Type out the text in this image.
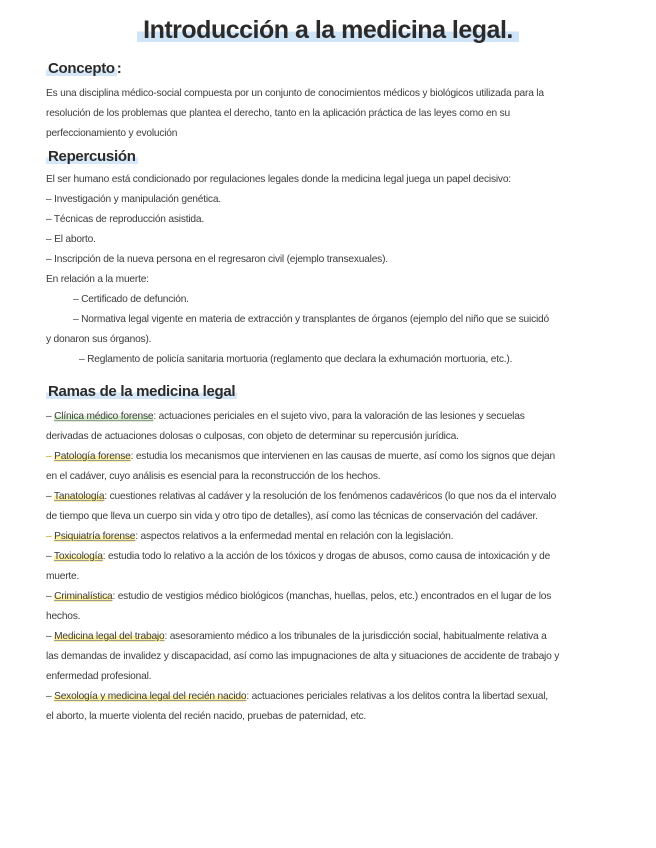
Introducción a la medicina legal.
Concepto :
Es una disciplina médico-social compuesta por un conjunto de conocimientos médicos y biológicos utilizada para la
resolución de los problemas que plantea el derecho, tanto en la aplicación práctica de las leyes como en su
perfeccionamiento y evolución
Repercusión
El ser humano está condicionado por regulaciones legales donde la medicina legal juega un papel decisivo:
– Investigación y manipulación genética.
– Técnicas de reproducción asistida.
– El aborto.
– Inscripción de la nueva persona en el regresaron civil (ejemplo transexuales).
En relación a la muerte:
– Certificado de defunción.
– Normativa legal vigente en materia de extracción y transplantes de órganos (ejemplo del niño que se suicidó
y donaron sus órganos).
– Reglamento de policía sanitaria mortuoria (reglamento que declara la exhumación mortuoria, etc.).
Ramas de la medicina legal
– Clínica médico forense: actuaciones periciales en el sujeto vivo, para la valoración de las lesiones y secuelas
derivadas de actuaciones dolosas o culposas, con objeto de determinar su repercusión jurídica.
– Patología forense: estudia los mecanismos que intervienen en las causas de muerte, así como los signos que dejan
en el cadáver, cuyo análisis es esencial para la reconstrucción de los hechos.
– Tanatología: cuestiones relativas al cadáver y la resolución de los fenómenos cadavéricos (lo que nos da el intervalo
de tiempo que lleva un cuerpo sin vida y otro tipo de detalles), así como las técnicas de conservación del cadáver.
– Psiquiatría forense: aspectos relativos a la enfermedad mental en relación con la legislación.
– Toxicología: estudia todo lo relativo a la acción de los tóxicos y drogas de abusos, como causa de intoxicación y de
muerte.
– Criminalística: estudio de vestigios médico biológicos (manchas, huellas, pelos, etc.) encontrados en el lugar de los
hechos.
– Medicina legal del trabajo: asesoramiento médico a los tribunales de la jurisdicción social, habitualmente relativa a
las demandas de invalidez y discapacidad, así como las impugnaciones de alta y situaciones de accidente de trabajo y
enfermedad profesional.
– Sexología y medicina legal del recién nacido: actuaciones periciales relativas a los delitos contra la libertad sexual,
el aborto, la muerte violenta del recién nacido, pruebas de paternidad, etc.
